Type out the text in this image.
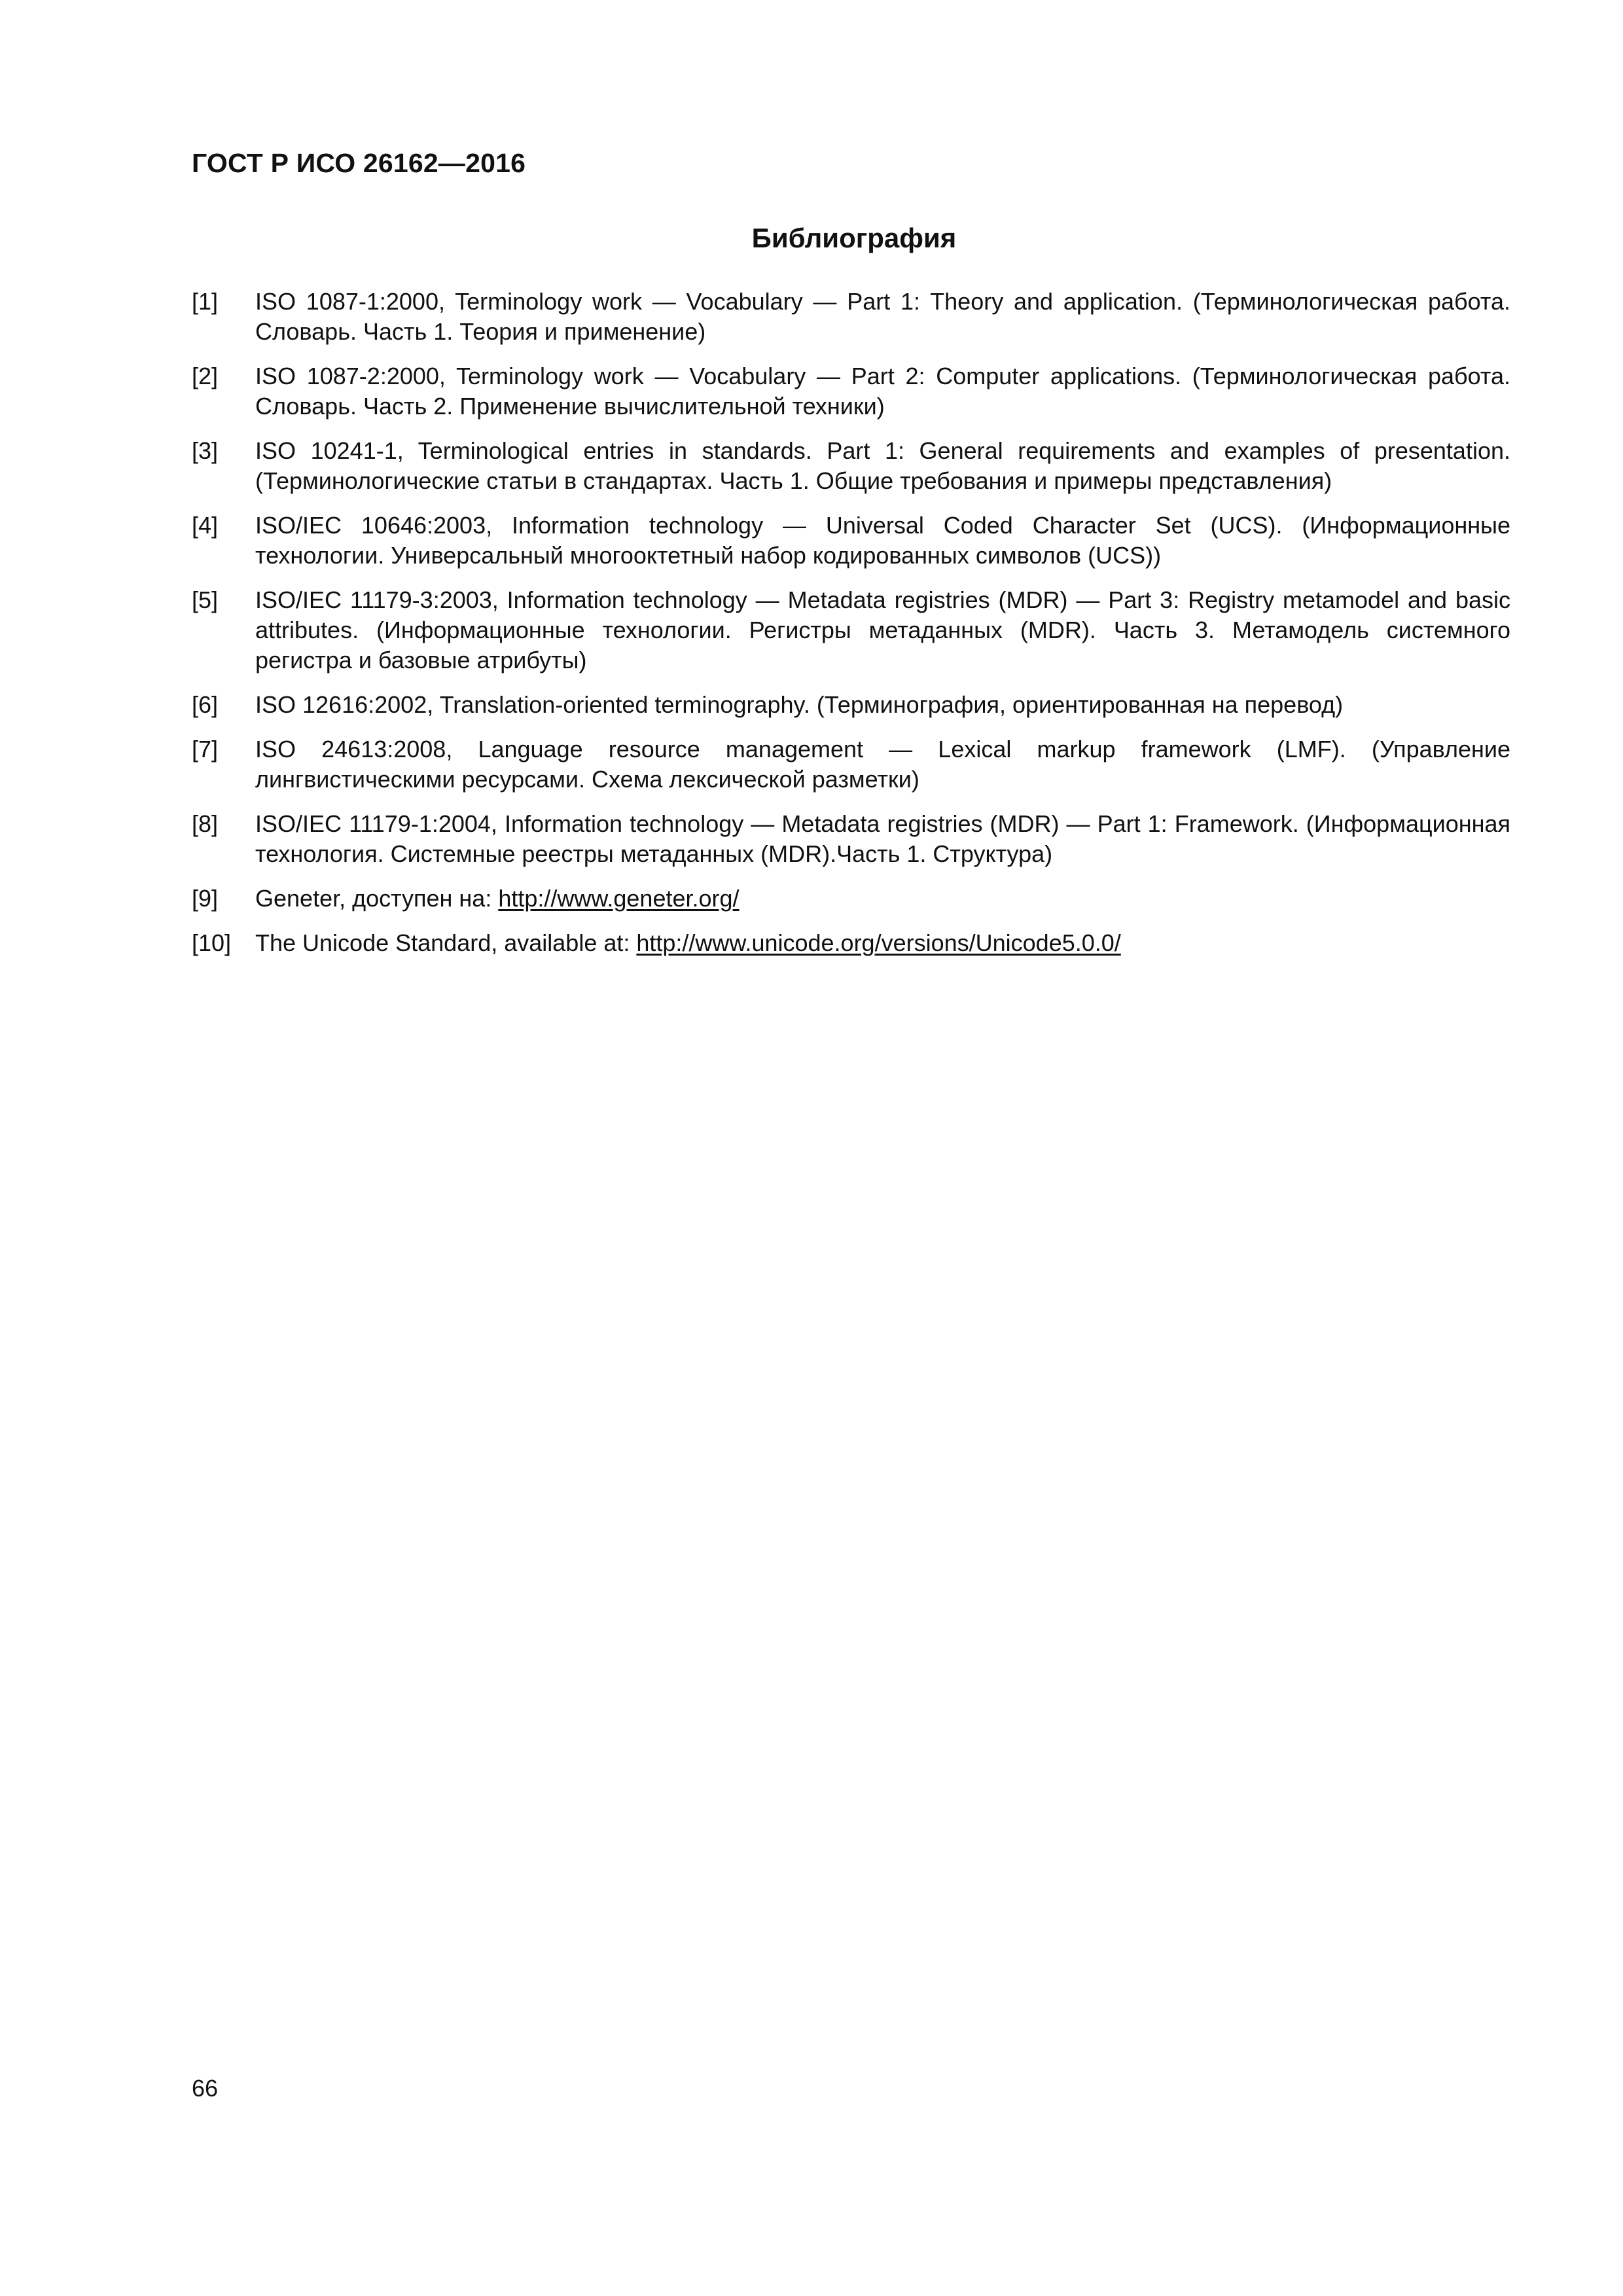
ГОСТ Р ИСО 26162—2016
Библиография
[1] ISO 1087-1:2000, Terminology work — Vocabulary — Part 1: Theory and application. (Терминологическая работа. Словарь. Часть 1. Теория и применение)
[2] ISO 1087-2:2000, Terminology work — Vocabulary — Part 2: Computer applications. (Терминологическая работа. Словарь. Часть 2. Применение вычислительной техники)
[3] ISO 10241-1, Terminological entries in standards. Part 1: General requirements and examples of presentation. (Терминологические статьи в стандартах. Часть 1. Общие требования и примеры представления)
[4] ISO/IEC 10646:2003, Information technology — Universal Coded Character Set (UCS). (Информационные технологии. Универсальный многооктетный набор кодированных символов (UCS))
[5] ISO/IEC 11179-3:2003, Information technology — Metadata registries (MDR) — Part 3: Registry metamodel and basic attributes. (Информационные технологии. Регистры метаданных (MDR). Часть 3. Метамодель системного регистра и базовые атрибуты)
[6] ISO 12616:2002, Translation-oriented terminography. (Терминография, ориентированная на перевод)
[7] ISO 24613:2008, Language resource management — Lexical markup framework (LMF). (Управление лингвистическими ресурсами. Схема лексической разметки)
[8] ISO/IEC 11179-1:2004, Information technology — Metadata registries (MDR) — Part 1: Framework. (Информационная технология. Системные реестры метаданных (MDR).Часть 1. Структура)
[9] Geneter, доступен на: http://www.geneter.org/
[10] The Unicode Standard, available at: http://www.unicode.org/versions/Unicode5.0.0/
66
